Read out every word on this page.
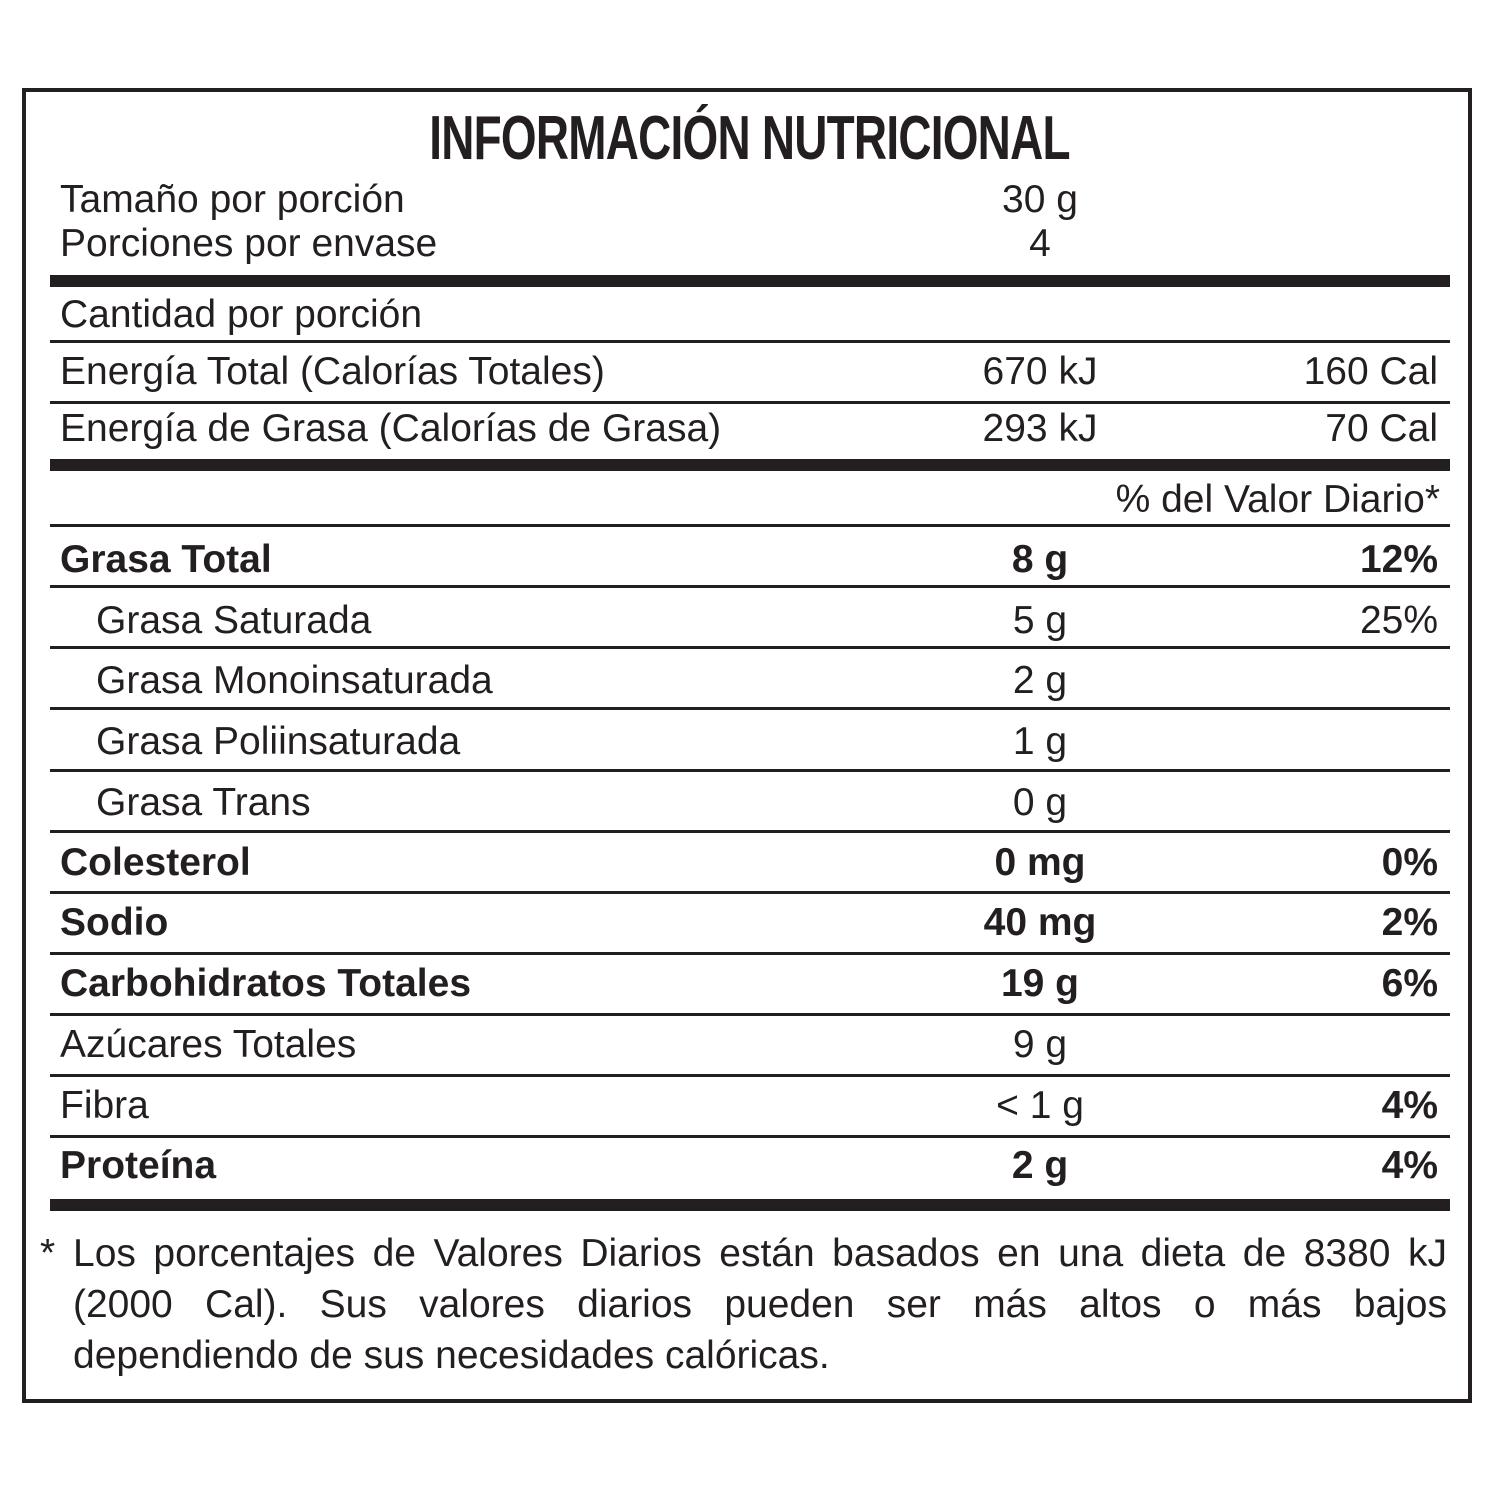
INFORMACIÓN NUTRICIONAL
Tamaño por porción	30 g
Porciones por envase	4
Cantidad por porción
Energía Total (Calorías Totales)	670 kJ	160 Cal
Energía de Grasa (Calorías de Grasa)	293 kJ	70 Cal
% del Valor Diario*
Grasa Total	8 g	12%
Grasa Saturada	5 g	25%
Grasa Monoinsaturada	2 g
Grasa Poliinsaturada	1 g
Grasa Trans	0 g
Colesterol	0 mg	0%
Sodio	40 mg	2%
Carbohidratos Totales	19 g	6%
Azúcares Totales	9 g
Fibra	< 1 g	4%
Proteína	2 g	4%
* Los porcentajes de Valores Diarios están basados en una dieta de 8380 kJ (2000 Cal). Sus valores diarios pueden ser más altos o más bajos dependiendo de sus necesidades calóricas.
